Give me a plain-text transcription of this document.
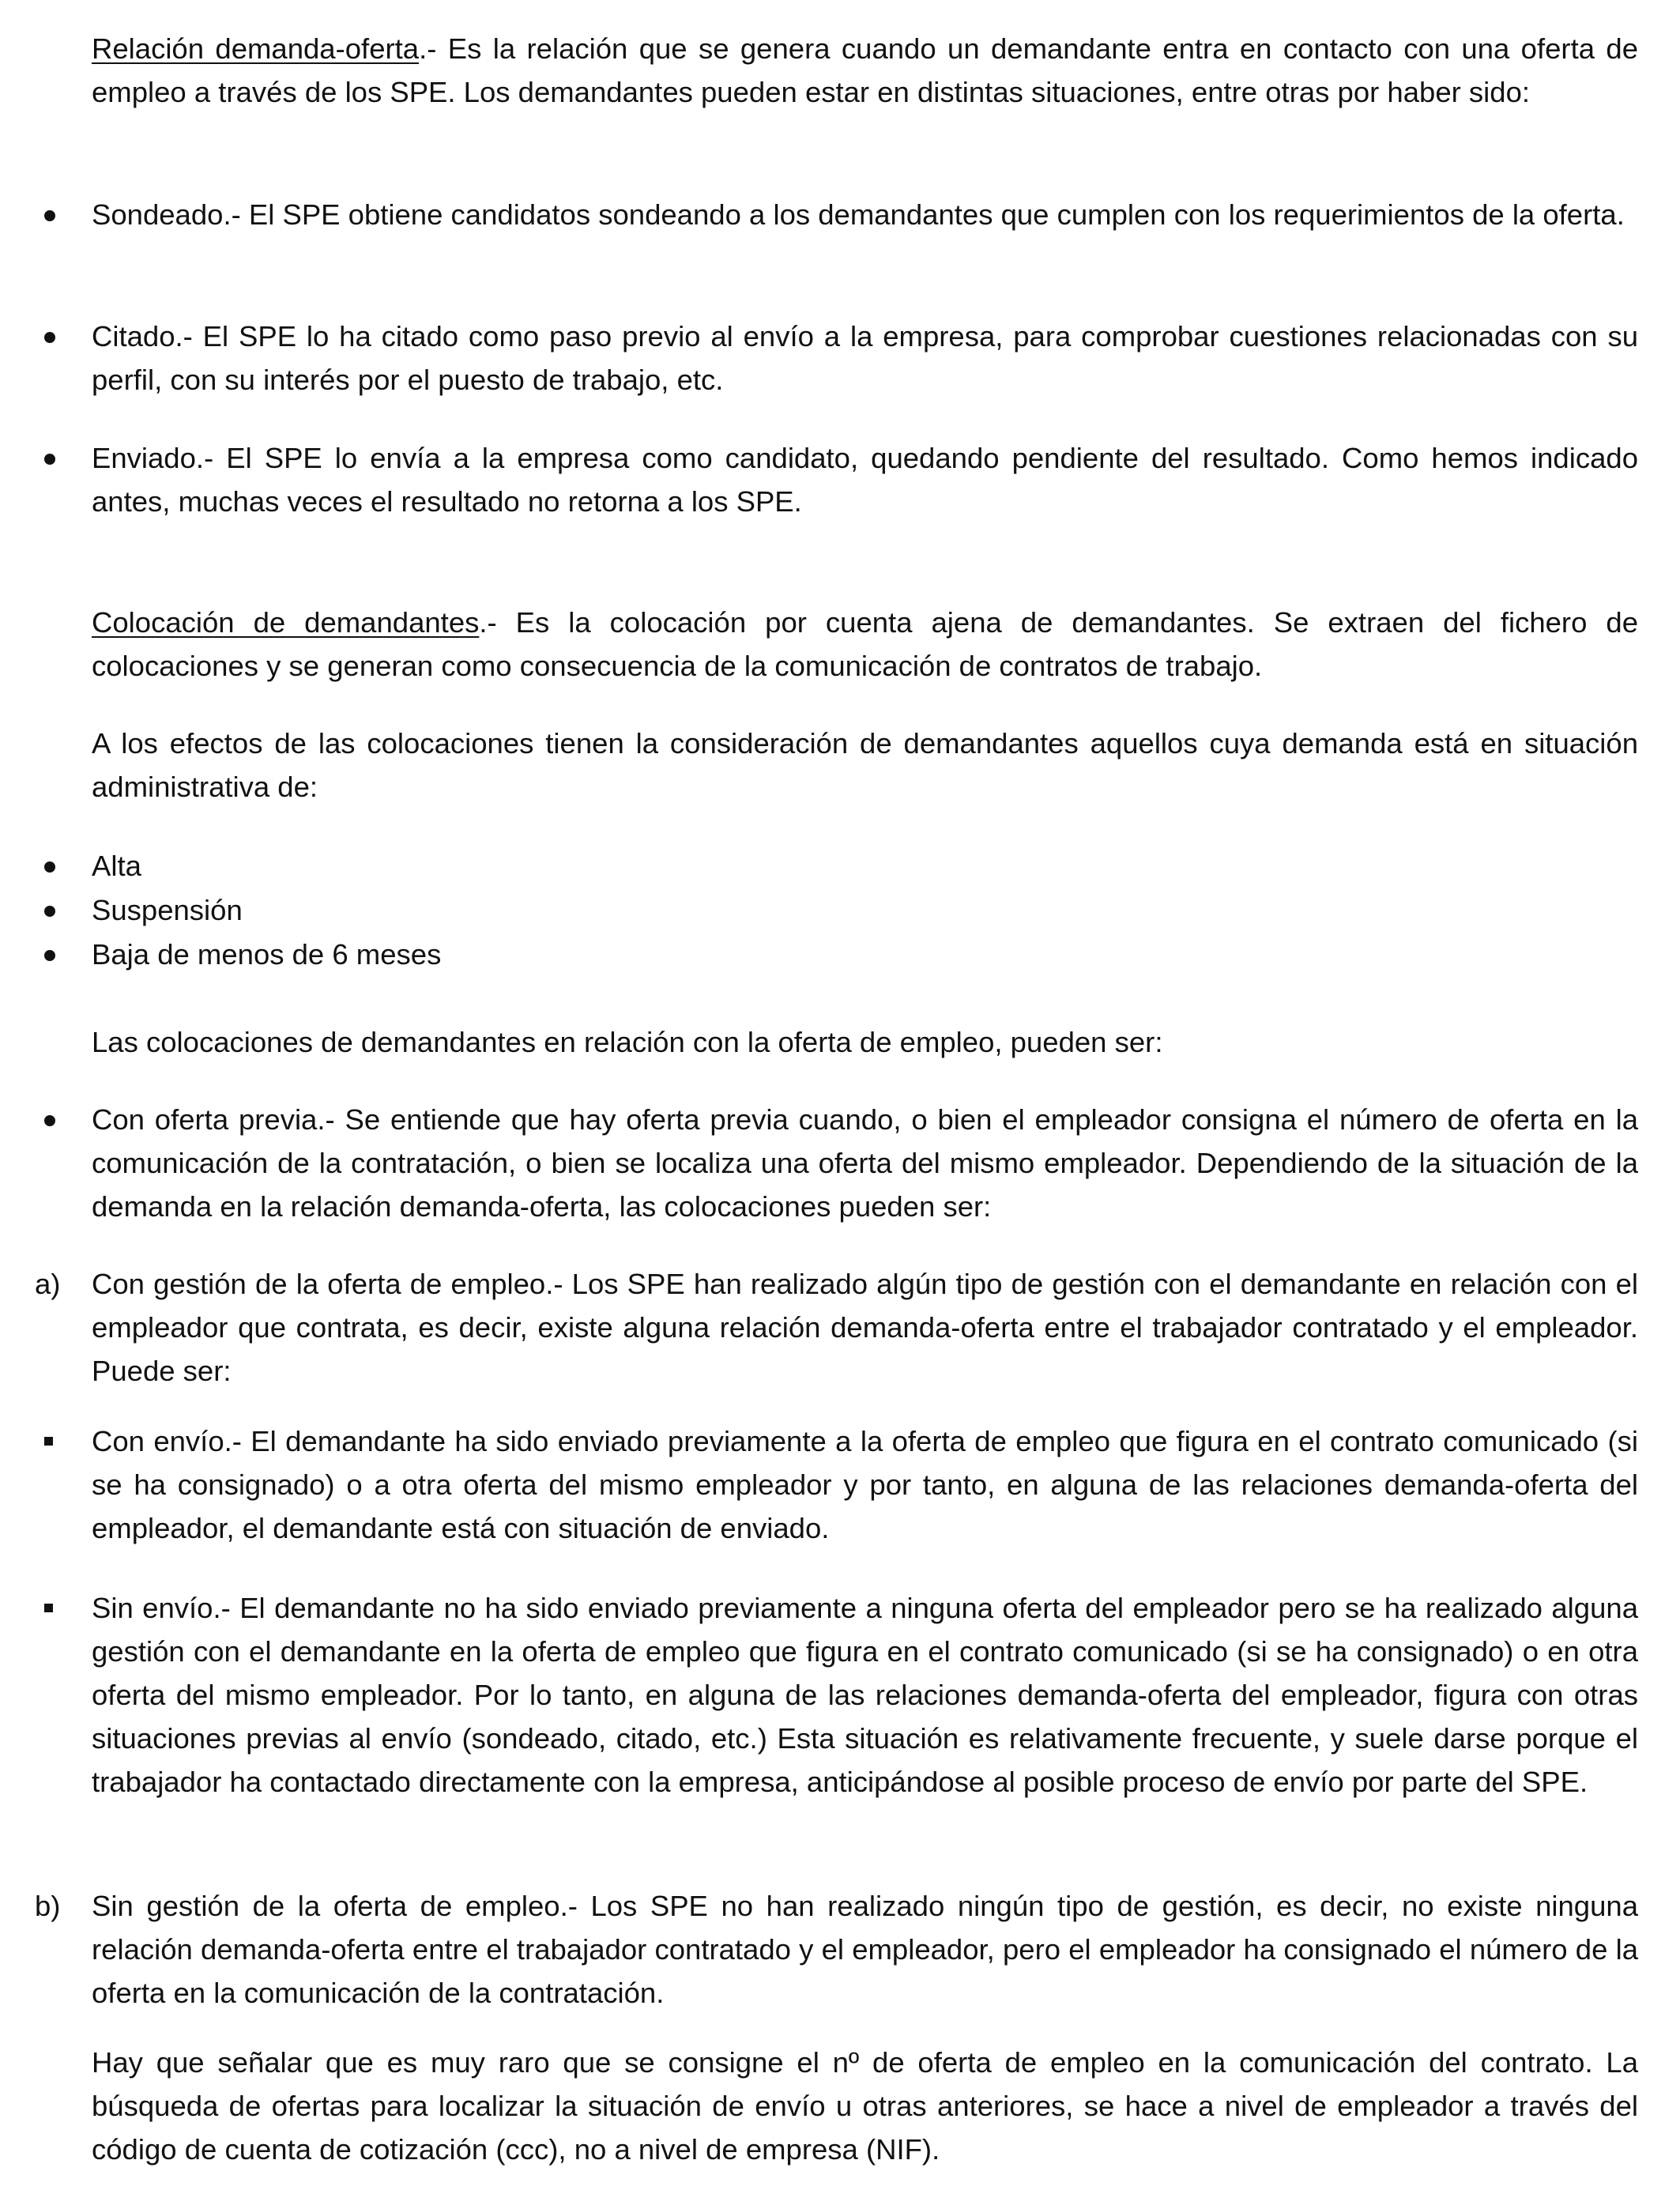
Relación demanda-oferta.- Es la relación que se genera cuando un demandante entra en contacto con una oferta de empleo a través de los SPE. Los demandantes pueden estar en distintas situaciones, entre otras por haber sido:

Sondeado.- El SPE obtiene candidatos sondeando a los demandantes que cumplen con los requerimientos de la oferta.

Citado.- El SPE lo ha citado como paso previo al envío a la empresa, para comprobar cuestiones relacionadas con su perfil, con su interés por el puesto de trabajo, etc.

Enviado.- El SPE lo envía a la empresa como candidato, quedando pendiente del resultado. Como hemos indicado antes, muchas veces el resultado no retorna a los SPE.

Colocación de demandantes.- Es la colocación por cuenta ajena de demandantes. Se extraen del fichero de colocaciones y se generan como consecuencia de la comunicación de contratos de trabajo.

A los efectos de las colocaciones tienen la consideración de demandantes aquellos cuya demanda está en situación administrativa de:

Alta

Suspensión

Baja de menos de 6 meses

Las colocaciones de demandantes en relación con la oferta de empleo, pueden ser:

Con oferta previa.- Se entiende que hay oferta previa cuando, o bien el empleador consigna el número de oferta en la comunicación de la contratación, o bien se localiza una oferta del mismo empleador. Dependiendo de la situación de la demanda en la relación demanda-oferta, las colocaciones pueden ser:

a)	Con gestión de la oferta de empleo.- Los SPE han realizado algún tipo de gestión con el demandante en relación con el empleador que contrata, es decir, existe alguna relación demanda-oferta entre el trabajador contratado y el empleador. Puede ser:

Con envío.- El demandante ha sido enviado previamente a la oferta de empleo que figura en el contrato comunicado (si se ha consignado) o a otra oferta del mismo empleador y por tanto, en alguna de las relaciones demanda-oferta del empleador, el demandante está con situación de enviado.

Sin envío.- El demandante no ha sido enviado previamente a ninguna oferta del empleador pero se ha realizado alguna gestión con el demandante en la oferta de empleo que figura en el contrato comunicado (si se ha consignado) o en otra oferta del mismo empleador. Por lo tanto, en alguna de las relaciones demanda-oferta del empleador, figura con otras situaciones previas al envío (sondeado, citado, etc.) Esta situación es relativamente frecuente, y suele darse porque el trabajador ha contactado directamente con la empresa, anticipándose al posible proceso de envío por parte del SPE.

b)	Sin gestión de la oferta de empleo.- Los SPE no han realizado ningún tipo de gestión, es decir, no existe ninguna relación demanda-oferta entre el trabajador contratado y el empleador, pero el empleador ha consignado el número de la oferta en la comunicación de la contratación.

Hay que señalar que es muy raro que se consigne el nº de oferta de empleo en la comunicación del contrato. La búsqueda de ofertas para localizar la situación de envío u otras anteriores, se hace a nivel de empleador a través del código de cuenta de cotización (ccc), no a nivel de empresa (NIF).
